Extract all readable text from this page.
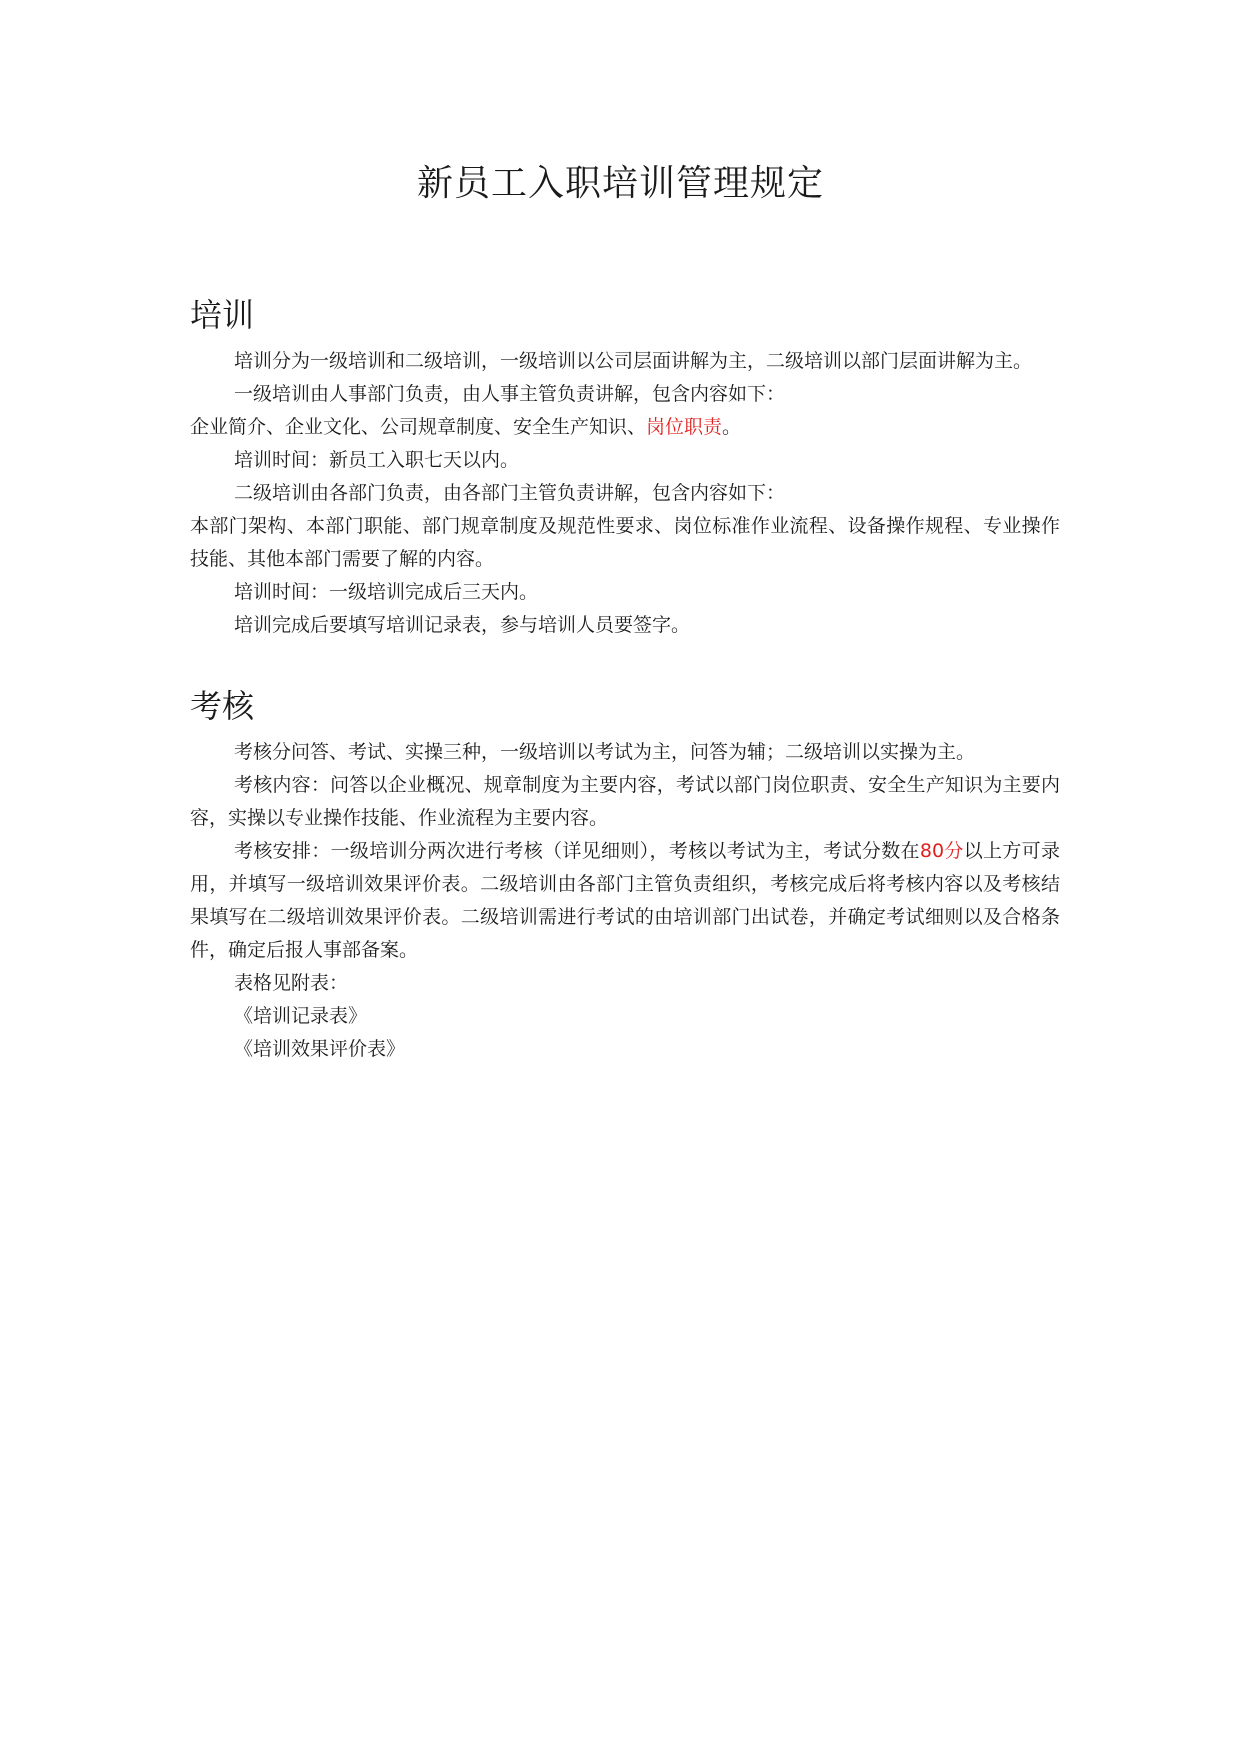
新员工入职培训管理规定
培训

培训分为一级培训和二级培训，一级培训以公司层面讲解为主，二级培训以部门层面讲解为主。

一级培训由人事部门负责，由人事主管负责讲解，包含内容如下：

企业简介、企业文化、公司规章制度、安全生产知识、岗位职责。

培训时间：新员工入职七天以内。

二级培训由各部门负责，由各部门主管负责讲解，包含内容如下：

本部门架构、本部门职能、部门规章制度及规范性要求、岗位标准作业流程、设备操作规程、专业操作技能、其他本部门需要了解的内容。

培训时间：一级培训完成后三天内。

培训完成后要填写培训记录表，参与培训人员要签字。

考核

考核分问答、考试、实操三种，一级培训以考试为主，问答为辅；二级培训以实操为主。

考核内容：问答以企业概况、规章制度为主要内容，考试以部门岗位职责、安全生产知识为主要内容，实操以专业操作技能、作业流程为主要内容。

考核安排：一级培训分两次进行考核（详见细则），考核以考试为主，考试分数在80分以上方可录用，并填写一级培训效果评价表。二级培训由各部门主管负责组织，考核完成后将考核内容以及考核结果填写在二级培训效果评价表。二级培训需进行考试的由培训部门出试卷，并确定考试细则以及合格条件，确定后报人事部备案。

表格见附表：

《培训记录表》

《培训效果评价表》
